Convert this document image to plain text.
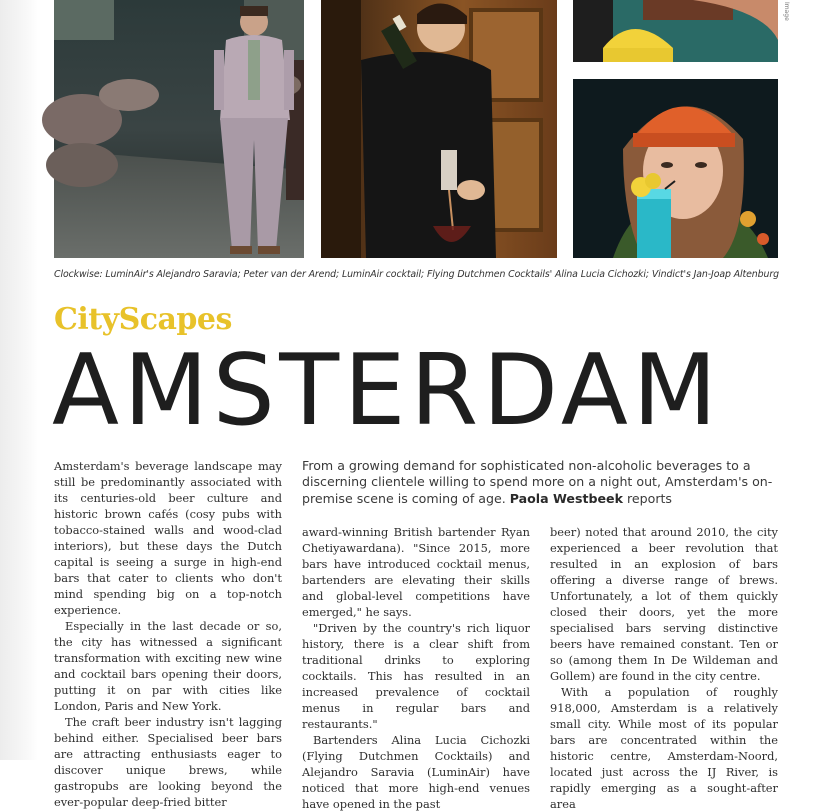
Image
Clockwise: LuminAir's Alejandro Saravia; Peter van der Arend; LuminAir cocktail; Flying Dutchmen Cocktails' Alina Lucia Cichozki; Vindict's Jan-Joap Altenburg
CityScapes
AMSTERDAM
From a growing demand for sophisticated non-alcoholic beverages to a discerning clientele willing to spend more on a night out, Amsterdam's on-premise scene is coming of age. Paola Westbeek reports

Amsterdam's beverage landscape may still be predominantly associated with its centuries-old beer culture and historic brown cafés (cosy pubs with tobacco-stained walls and wood-clad interiors), but these days the Dutch capital is seeing a surge in high-end bars that cater to clients who don't mind spending big on a top-notch experience.

Especially in the last decade or so, the city has witnessed a significant transformation with exciting new wine and cocktail bars opening their doors, putting it on par with cities like London, Paris and New York.

The craft beer industry isn't lagging behind either. Specialised beer bars are attracting enthusiasts eager to discover unique brews, while gastropubs are looking beyond the ever-popular deep-fried bitter

award-winning British bartender Ryan Chetiyawardana). "Since 2015, more bars have introduced cocktail menus, bartenders are elevating their skills and global-level competitions have emerged," he says.

"Driven by the country's rich liquor history, there is a clear shift from traditional drinks to exploring cocktails. This has resulted in an increased prevalence of cocktail menus in regular bars and restaurants."

Bartenders Alina Lucia Cichozki (Flying Dutchmen Cocktails) and Alejandro Saravia (LuminAir) have noticed that more high-end venues have opened in the past

beer) noted that around 2010, the city experienced a beer revolution that resulted in an explosion of bars offering a diverse range of brews. Unfortunately, a lot of them quickly closed their doors, yet the more specialised bars serving distinctive beers have remained constant. Ten or so (among them In De Wildeman and Gollem) are found in the city centre.

With a population of roughly 918,000, Amsterdam is a relatively small city. While most of its popular bars are concentrated within the historic centre, Amsterdam-Noord, located just across the IJ River, is rapidly emerging as a sought-after area
